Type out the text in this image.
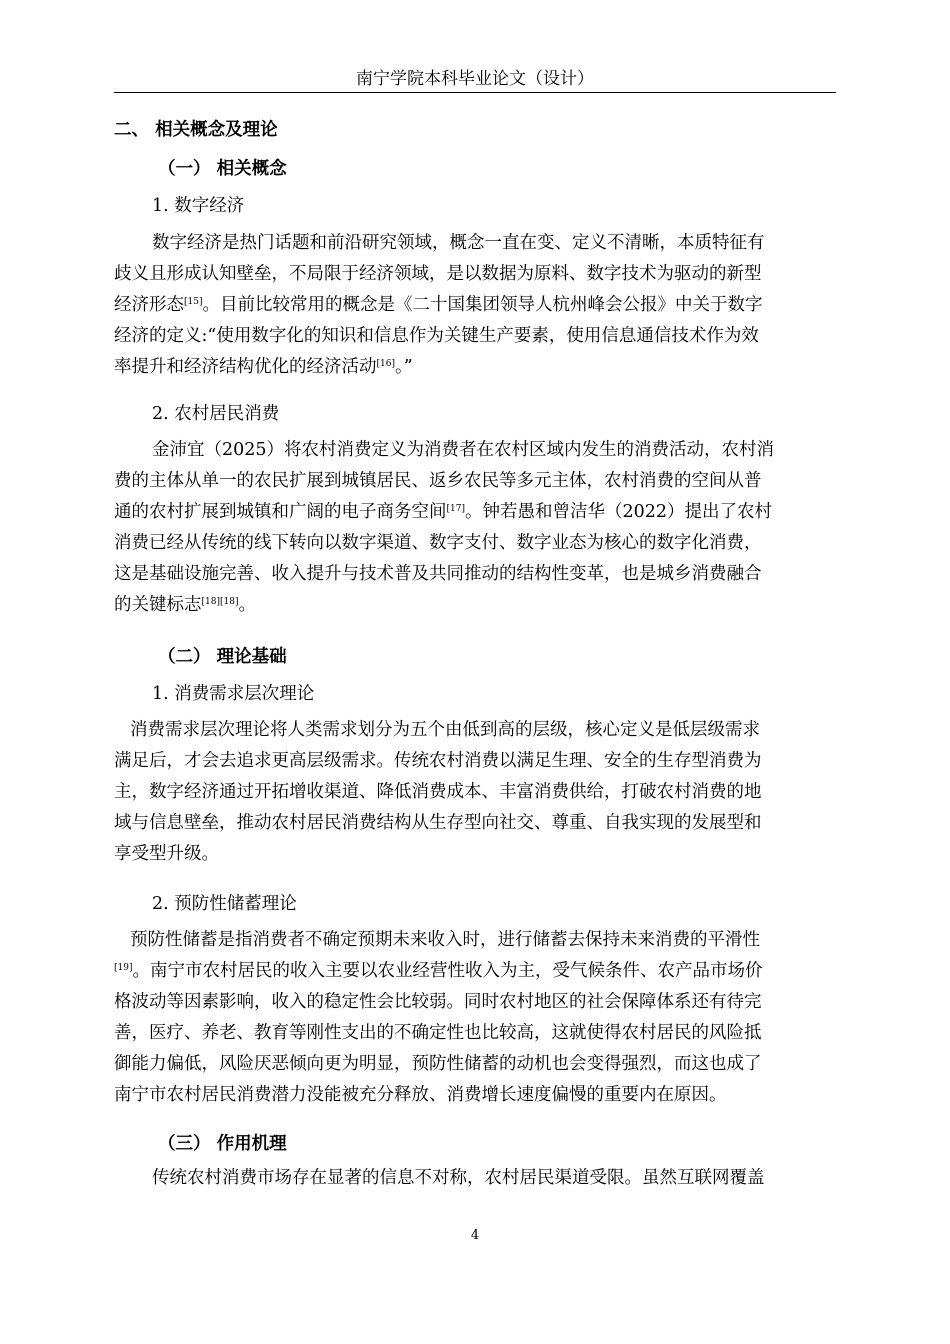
南宁学院本科毕业论文（设计）
二、 相关概念及理论
（一） 相关概念
1. 数字经济
数字经济是热门话题和前沿研究领域，概念一直在变、定义不清晰，本质特征有
歧义且形成认知壁垒，不局限于经济领域，是以数据为原料、数字技术为驱动的新型
经济形态[15]。目前比较常用的概念是《二十国集团领导人杭州峰会公报》中关于数字
经济的定义:“使用数字化的知识和信息作为关键生产要素，使用信息通信技术作为效
率提升和经济结构优化的经济活动[16]。”
2. 农村居民消费
金沛宜（2025）将农村消费定义为消费者在农村区域内发生的消费活动，农村消
费的主体从单一的农民扩展到城镇居民、返乡农民等多元主体，农村消费的空间从普
通的农村扩展到城镇和广阔的电子商务空间[17]。钟若愚和曾洁华（2022）提出了农村
消费已经从传统的线下转向以数字渠道、数字支付、数字业态为核心的数字化消费，
这是基础设施完善、收入提升与技术普及共同推动的结构性变革，也是城乡消费融合
的关键标志[18][18]。
（二） 理论基础
1. 消费需求层次理论
消费需求层次理论将人类需求划分为五个由低到高的层级，核心定义是低层级需求
满足后，才会去追求更高层级需求。传统农村消费以满足生理、安全的生存型消费为
主，数字经济通过开拓增收渠道、降低消费成本、丰富消费供给，打破农村消费的地
域与信息壁垒，推动农村居民消费结构从生存型向社交、尊重、自我实现的发展型和
享受型升级。
2. 预防性储蓄理论
预防性储蓄是指消费者不确定预期未来收入时，进行储蓄去保持未来消费的平滑性
[19]。南宁市农村居民的收入主要以农业经营性收入为主，受气候条件、农产品市场价
格波动等因素影响，收入的稳定性会比较弱。同时农村地区的社会保障体系还有待完
善，医疗、养老、教育等刚性支出的不确定性也比较高，这就使得农村居民的风险抵
御能力偏低，风险厌恶倾向更为明显，预防性储蓄的动机也会变得强烈，而这也成了
南宁市农村居民消费潜力没能被充分释放、消费增长速度偏慢的重要内在原因。
（三） 作用机理
传统农村消费市场存在显著的信息不对称，农村居民渠道受限。虽然互联网覆盖
4
